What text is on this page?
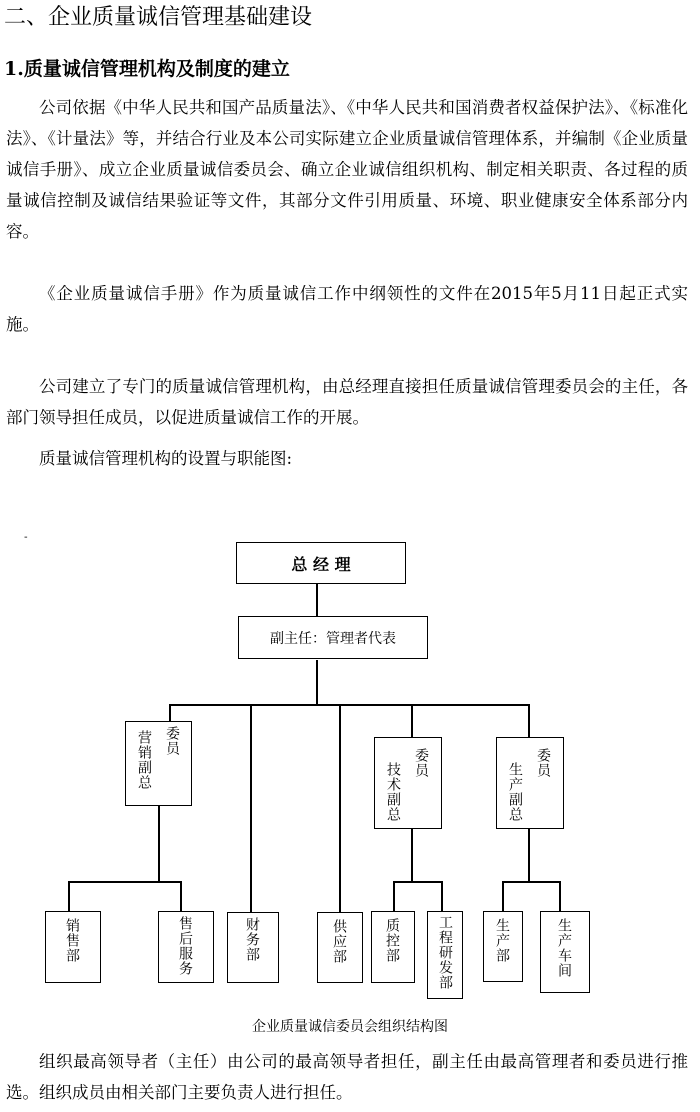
二、企业质量诚信管理基础建设
1.质量诚信管理机构及制度的建立

公司依据《中华人民共和国产品质量法》、《中华人民共和国消费者权益保护法》、《标准化法》、《计量法》等，并结合行业及本公司实际建立企业质量诚信管理体系，并编制《企业质量诚信手册》、成立企业质量诚信委员会、确立企业诚信组织机构、制定相关职责、各过程的质量诚信控制及诚信结果验证等文件，其部分文件引用质量、环境、职业健康安全体系部分内容。

《企业质量诚信手册》作为质量诚信工作中纲领性的文件在2015年5月11日起正式实施。

公司建立了专门的质量诚信管理机构，由总经理直接担任质量诚信管理委员会的主任，各部门领导担任成员，以促进质量诚信工作的开展。

质量诚信管理机构的设置与职能图:

-
总 经 理
副主任：管理者代表
营销副总 委员
技术副总 委员	生产副总 委员
销售部	售后服务	财务部	供应部	质控部	工程研发部	生产部	生产车间
企业质量诚信委员会组织结构图

组织最高领导者（主任）由公司的最高领导者担任，副主任由最高管理者和委员进行推选。组织成员由相关部门主要负责人进行担任。
